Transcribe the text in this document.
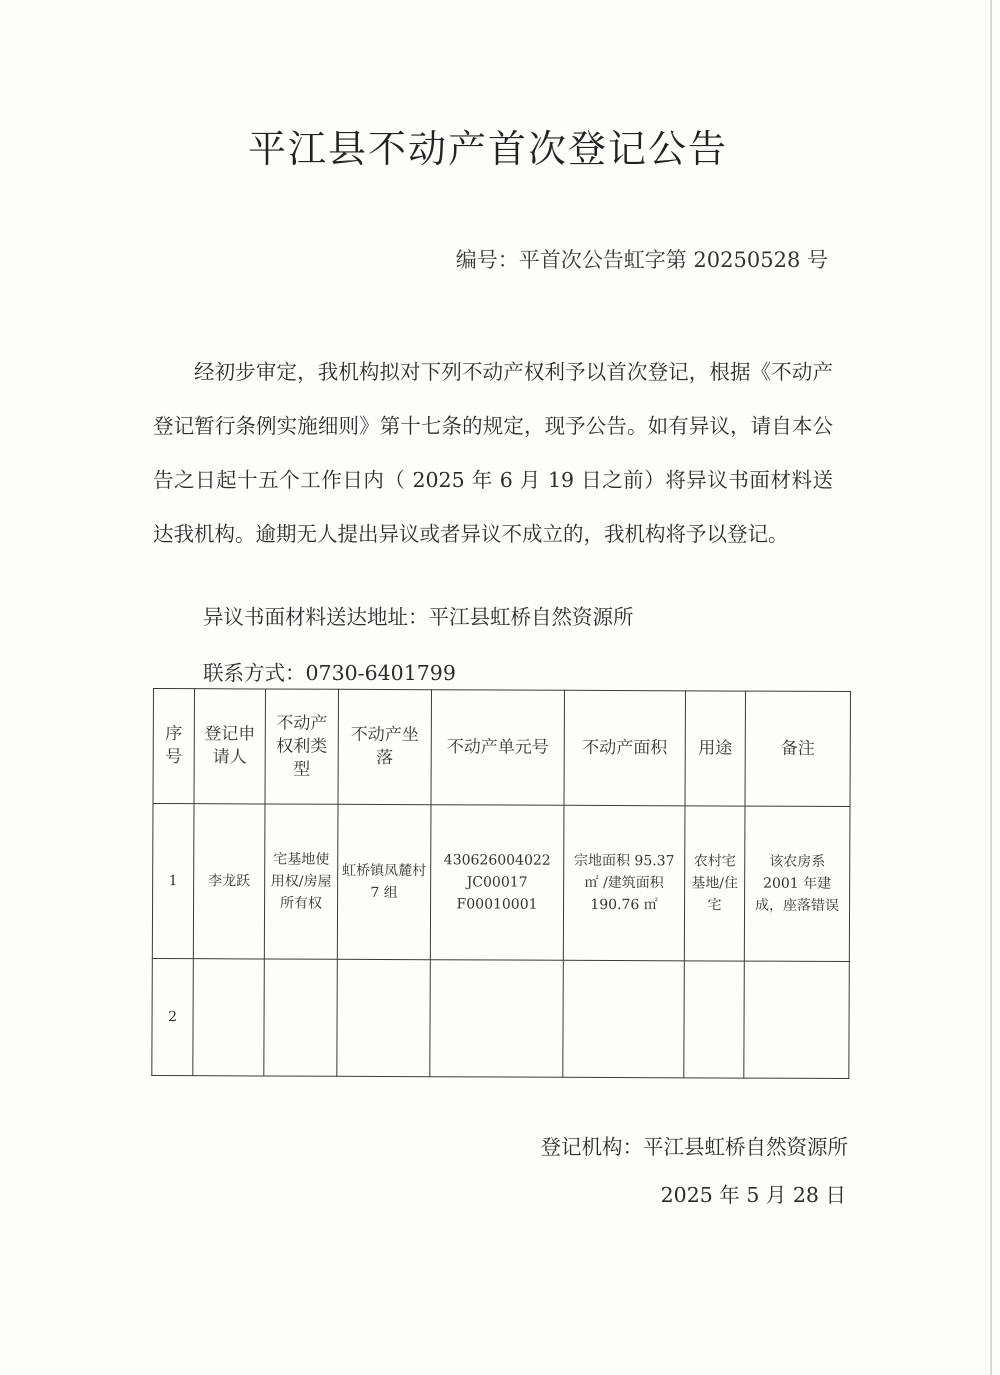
平江县不动产首次登记公告
编号：平首次公告虹字第 20250528 号
经初步审定，我机构拟对下列不动产权利予以首次登记，根据《不动产登记暂行条例实施细则》第十七条的规定，现予公告。如有异议，请自本公告之日起十五个工作日内（ 2025 年 6 月 19 日之前）将异议书面材料送达我机构。逾期无人提出异议或者异议不成立的，我机构将予以登记。
异议书面材料送达地址：平江县虹桥自然资源所
联系方式：0730-6401799
序号	登记申请人	不动产权利类型	不动产坐落	不动产单元号	不动产面积	用途	备注
1	李龙跃	宅基地使用权/房屋所有权	虹桥镇凤麓村 7 组	430626004022 JC00017 F00010001	宗地面积 95.37 ㎡ /建筑面积 190.76 ㎡	农村宅基地/住宅	该农房系 2001 年建成，座落错误
2							
登记机构：平江县虹桥自然资源所
2025 年 5 月 28 日
